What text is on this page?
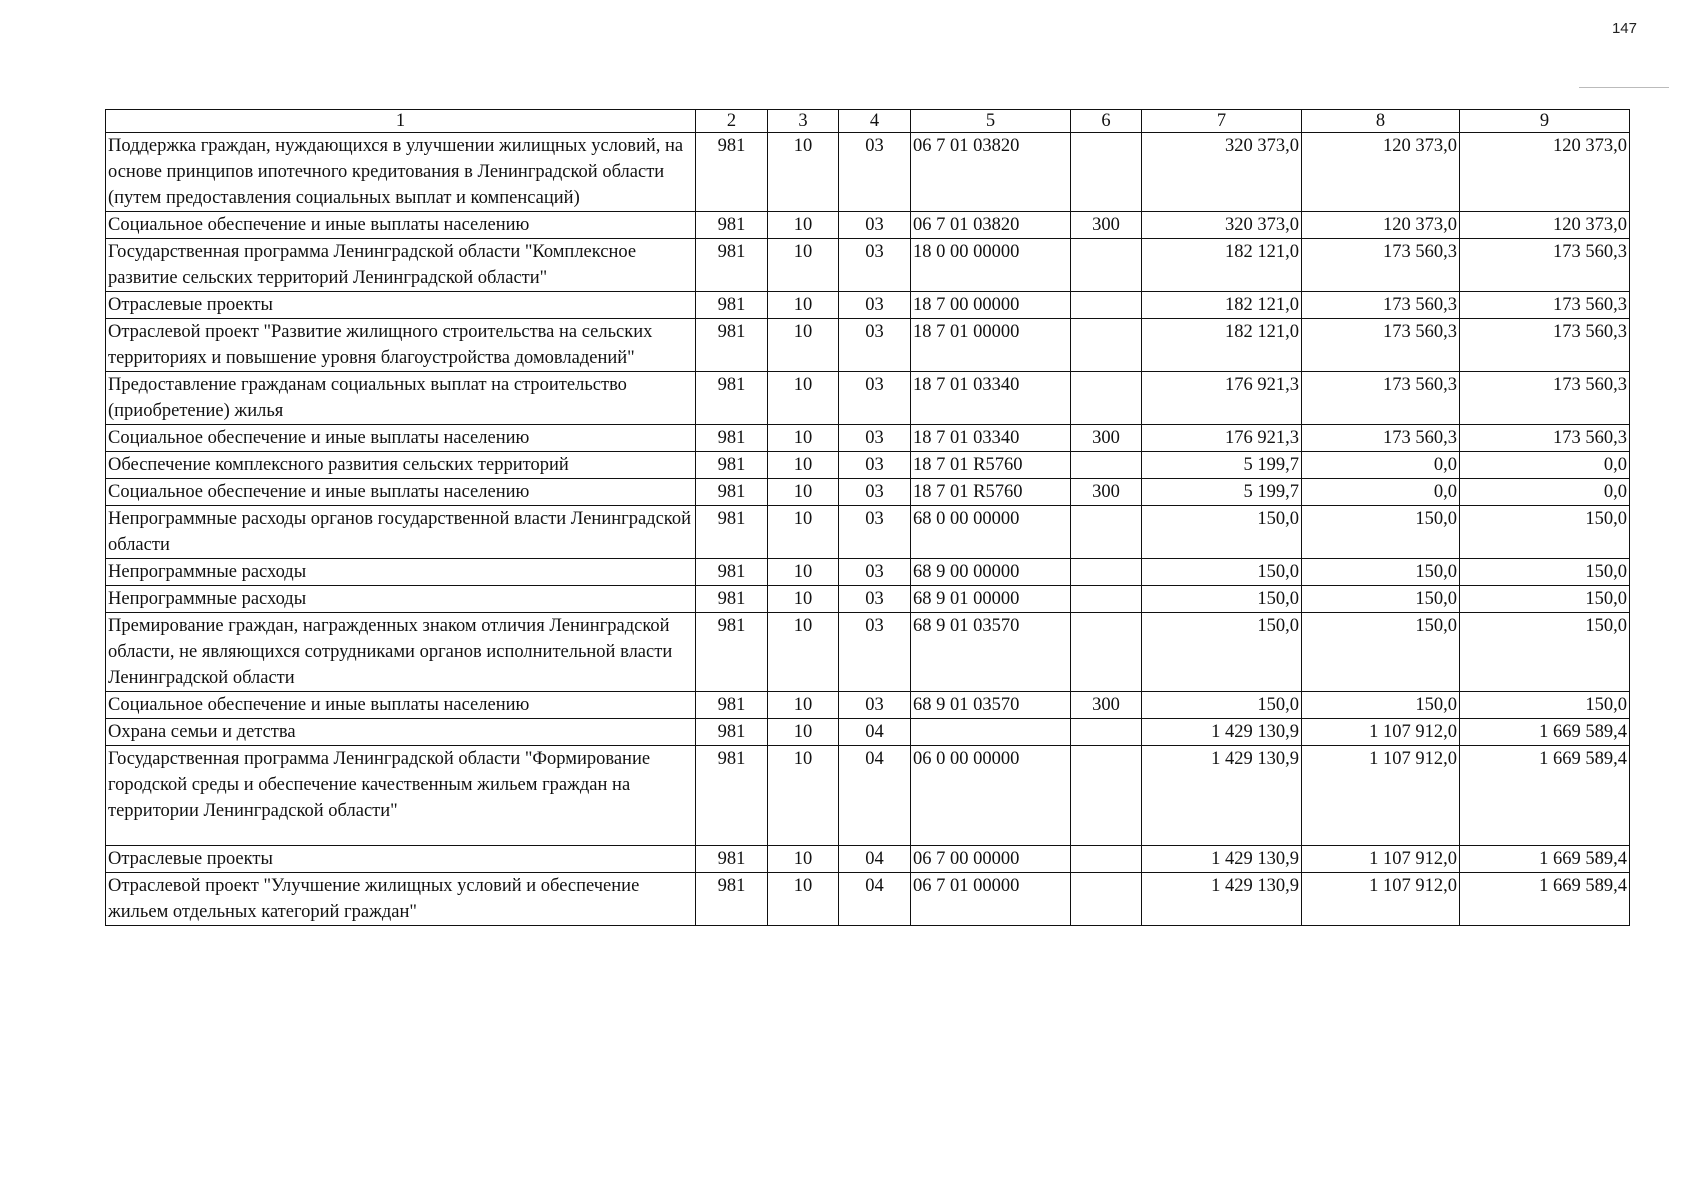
147
1	2	3	4	5	6	7	8	9
Поддержка граждан, нуждающихся в улучшении жилищных условий, на основе принципов ипотечного кредитования в Ленинградской области (путем предоставления социальных выплат и компенсаций)	981	10	03	06 7 01 03820		320 373,0	120 373,0	120 373,0
Социальное обеспечение и иные выплаты населению	981	10	03	06 7 01 03820	300	320 373,0	120 373,0	120 373,0
Государственная программа Ленинградской области "Комплексное развитие сельских территорий Ленинградской области"	981	10	03	18 0 00 00000		182 121,0	173 560,3	173 560,3
Отраслевые проекты	981	10	03	18 7 00 00000		182 121,0	173 560,3	173 560,3
Отраслевой проект "Развитие жилищного строительства на сельских территориях и повышение уровня благоустройства домовладений"	981	10	03	18 7 01 00000		182 121,0	173 560,3	173 560,3
Предоставление гражданам социальных выплат на строительство (приобретение) жилья	981	10	03	18 7 01 03340		176 921,3	173 560,3	173 560,3
Социальное обеспечение и иные выплаты населению	981	10	03	18 7 01 03340	300	176 921,3	173 560,3	173 560,3
Обеспечение комплексного развития сельских территорий	981	10	03	18 7 01 R5760		5 199,7	0,0	0,0
Социальное обеспечение и иные выплаты населению	981	10	03	18 7 01 R5760	300	5 199,7	0,0	0,0
Непрограммные расходы органов государственной власти Ленинградской области	981	10	03	68 0 00 00000		150,0	150,0	150,0
Непрограммные расходы	981	10	03	68 9 00 00000		150,0	150,0	150,0
Непрограммные расходы	981	10	03	68 9 01 00000		150,0	150,0	150,0
Премирование граждан, награжденных знаком отличия Ленинградской области, не являющихся сотрудниками органов исполнительной власти Ленинградской области	981	10	03	68 9 01 03570		150,0	150,0	150,0
Социальное обеспечение и иные выплаты населению	981	10	03	68 9 01 03570	300	150,0	150,0	150,0
Охрана семьи и детства	981	10	04			1 429 130,9	1 107 912,0	1 669 589,4
Государственная программа Ленинградской области "Формирование городской среды и обеспечение качественным жильем граждан на территории Ленинградской области"	981	10	04	06 0 00 00000		1 429 130,9	1 107 912,0	1 669 589,4
Отраслевые проекты	981	10	04	06 7 00 00000		1 429 130,9	1 107 912,0	1 669 589,4
Отраслевой проект "Улучшение жилищных условий и обеспечение жильем отдельных категорий граждан"	981	10	04	06 7 01 00000		1 429 130,9	1 107 912,0	1 669 589,4
